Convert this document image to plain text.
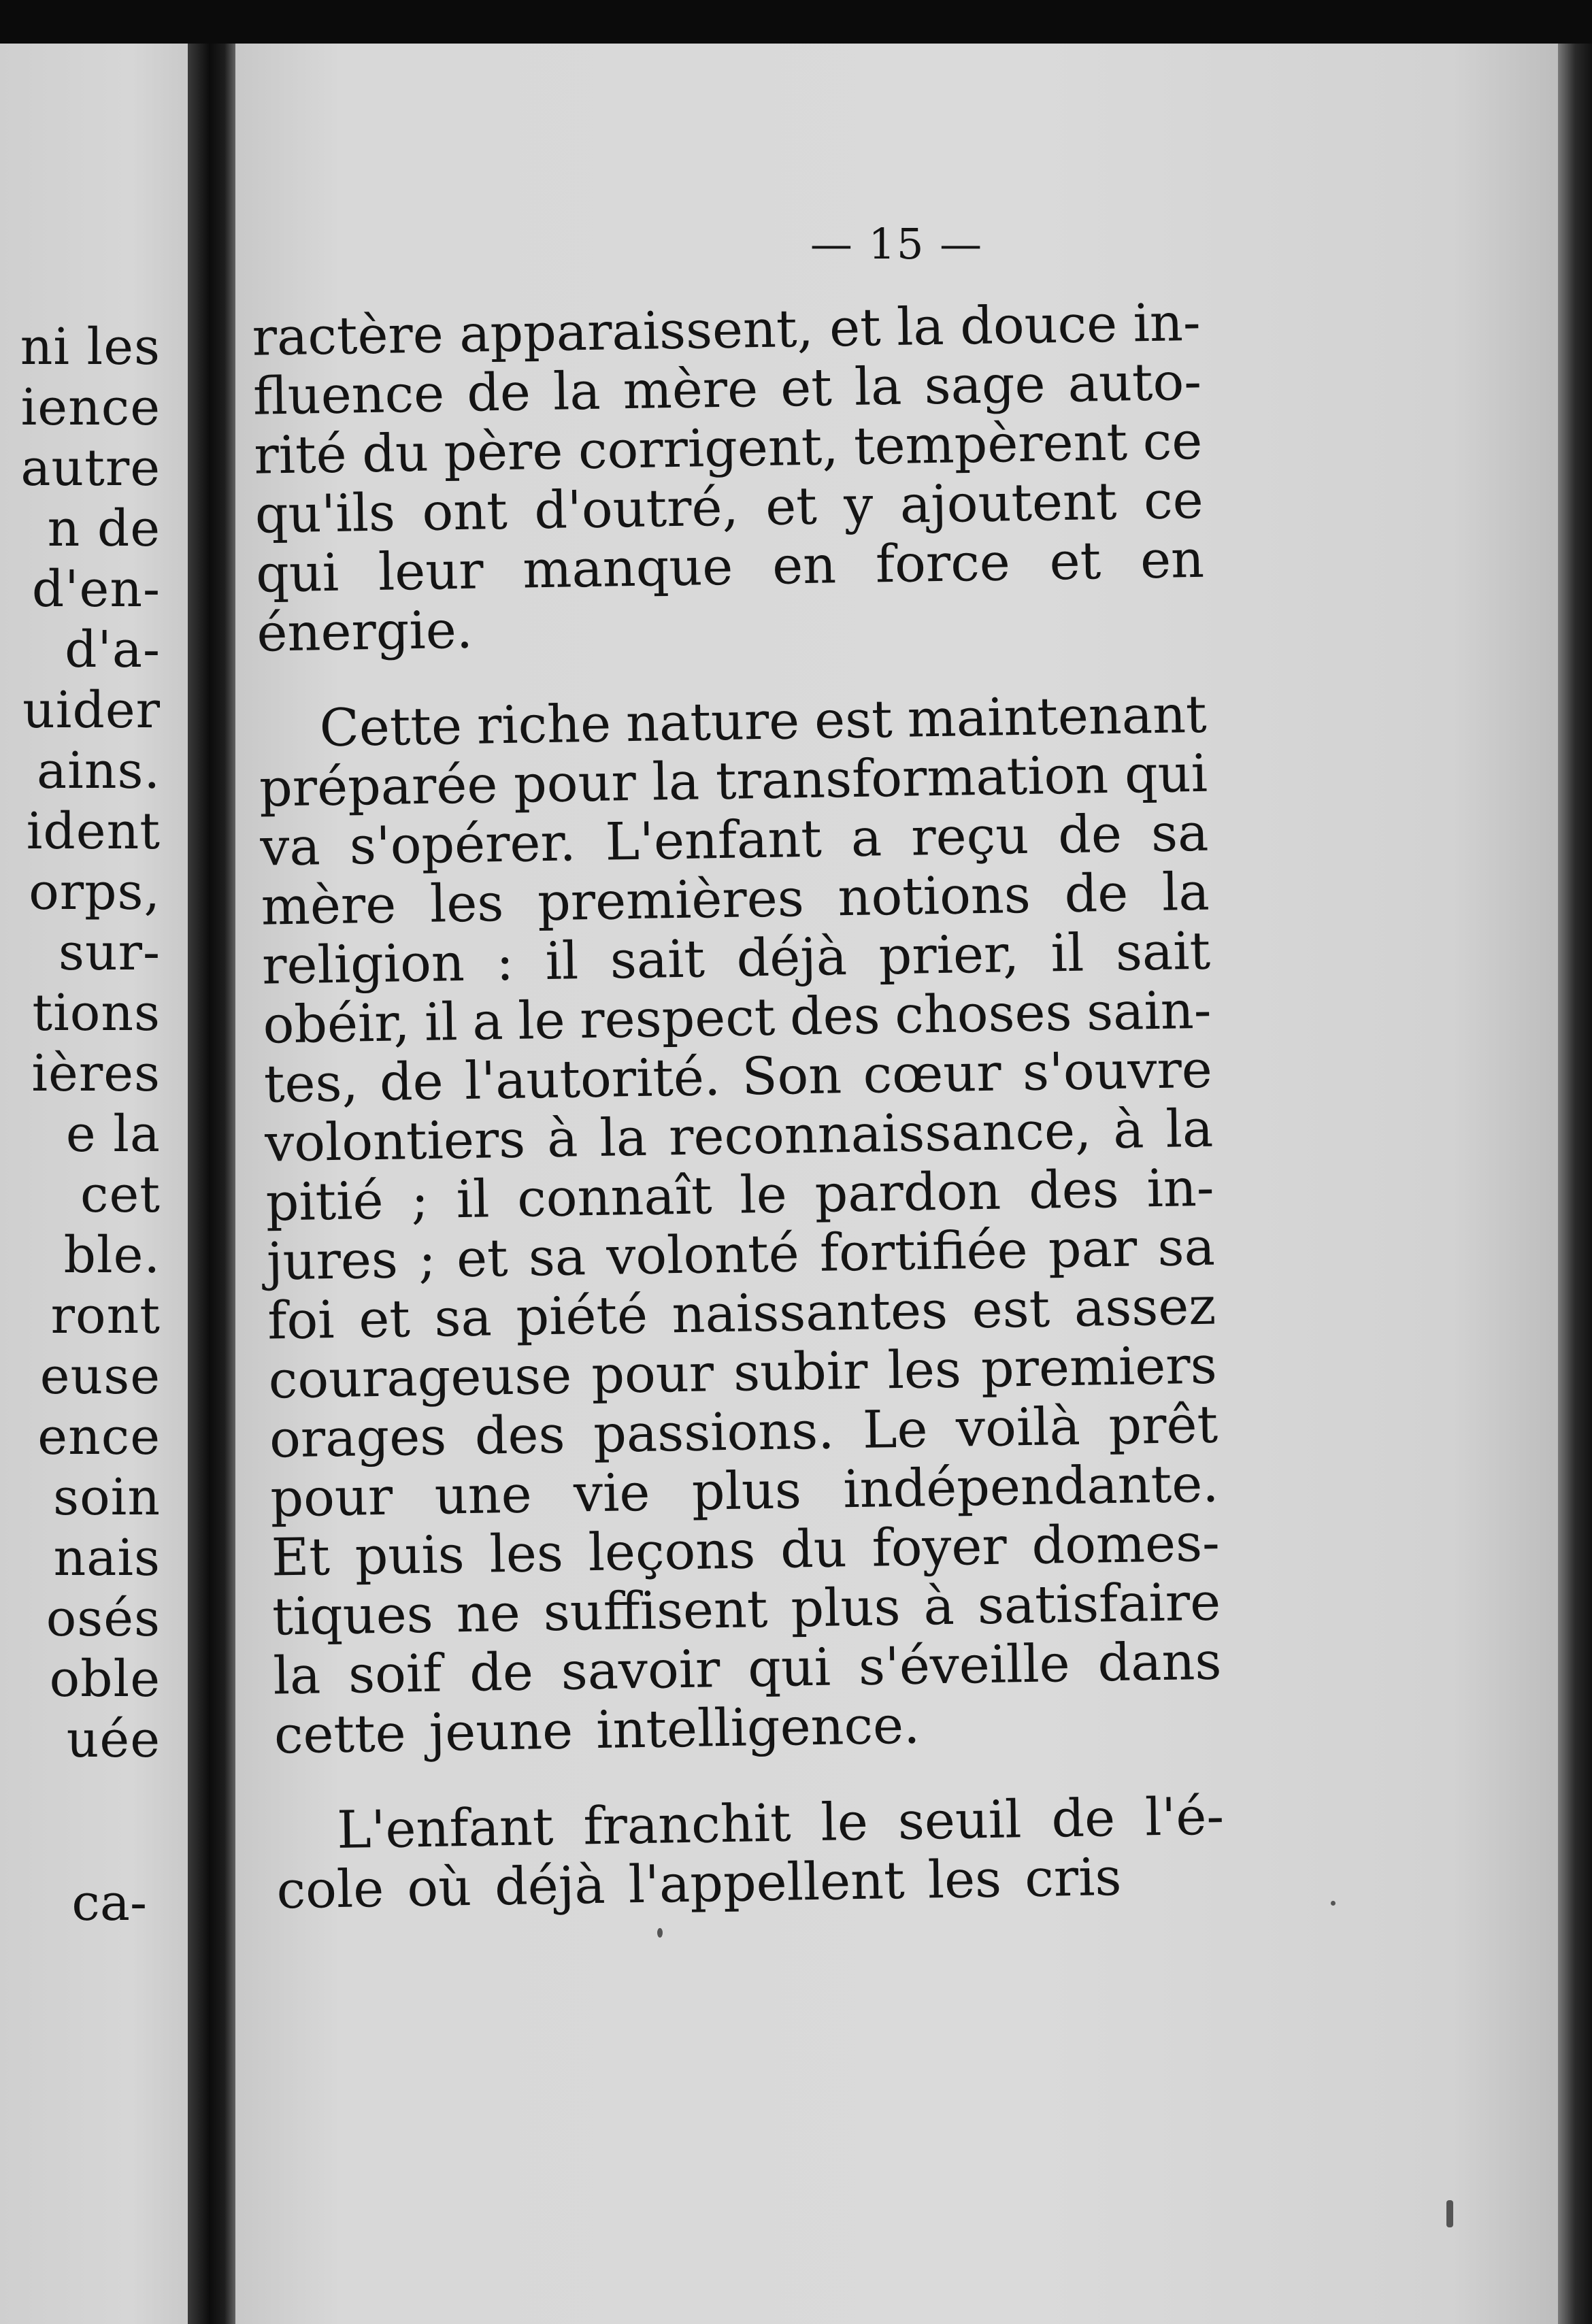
ni les
ience
autre
n de
d'en-
d'a-
uider
ains.
ident
orps,
sur-
tions
ières
e la
cet
ble.
ront
euse
ence
soin
nais
osés
oble
uée
ca-
— 15 —
ractère apparaissent, et la douce in-
fluence de la mère et la sage auto-
rité du père corrigent, tempèrent ce
qu'ils ont d'outré, et y ajoutent ce
qui leur manque en force et en
énergie.
Cette riche nature est maintenant
préparée pour la transformation qui
va s'opérer. L'enfant a reçu de sa
mère les premières notions de la
religion : il sait déjà prier, il sait
obéir, il a le respect des choses sain-
tes, de l'autorité. Son cœur s'ouvre
volontiers à la reconnaissance, à la
pitié ; il connaît le pardon des in-
jures ; et sa volonté fortifiée par sa
foi et sa piété naissantes est assez
courageuse pour subir les premiers
orages des passions. Le voilà prêt
pour une vie plus indépendante.
Et puis les leçons du foyer domes-
tiques ne suffisent plus à satisfaire
la soif de savoir qui s'éveille dans
cette jeune intelligence.
L'enfant franchit le seuil de l'é-
cole où déjà l'appellent les cris
